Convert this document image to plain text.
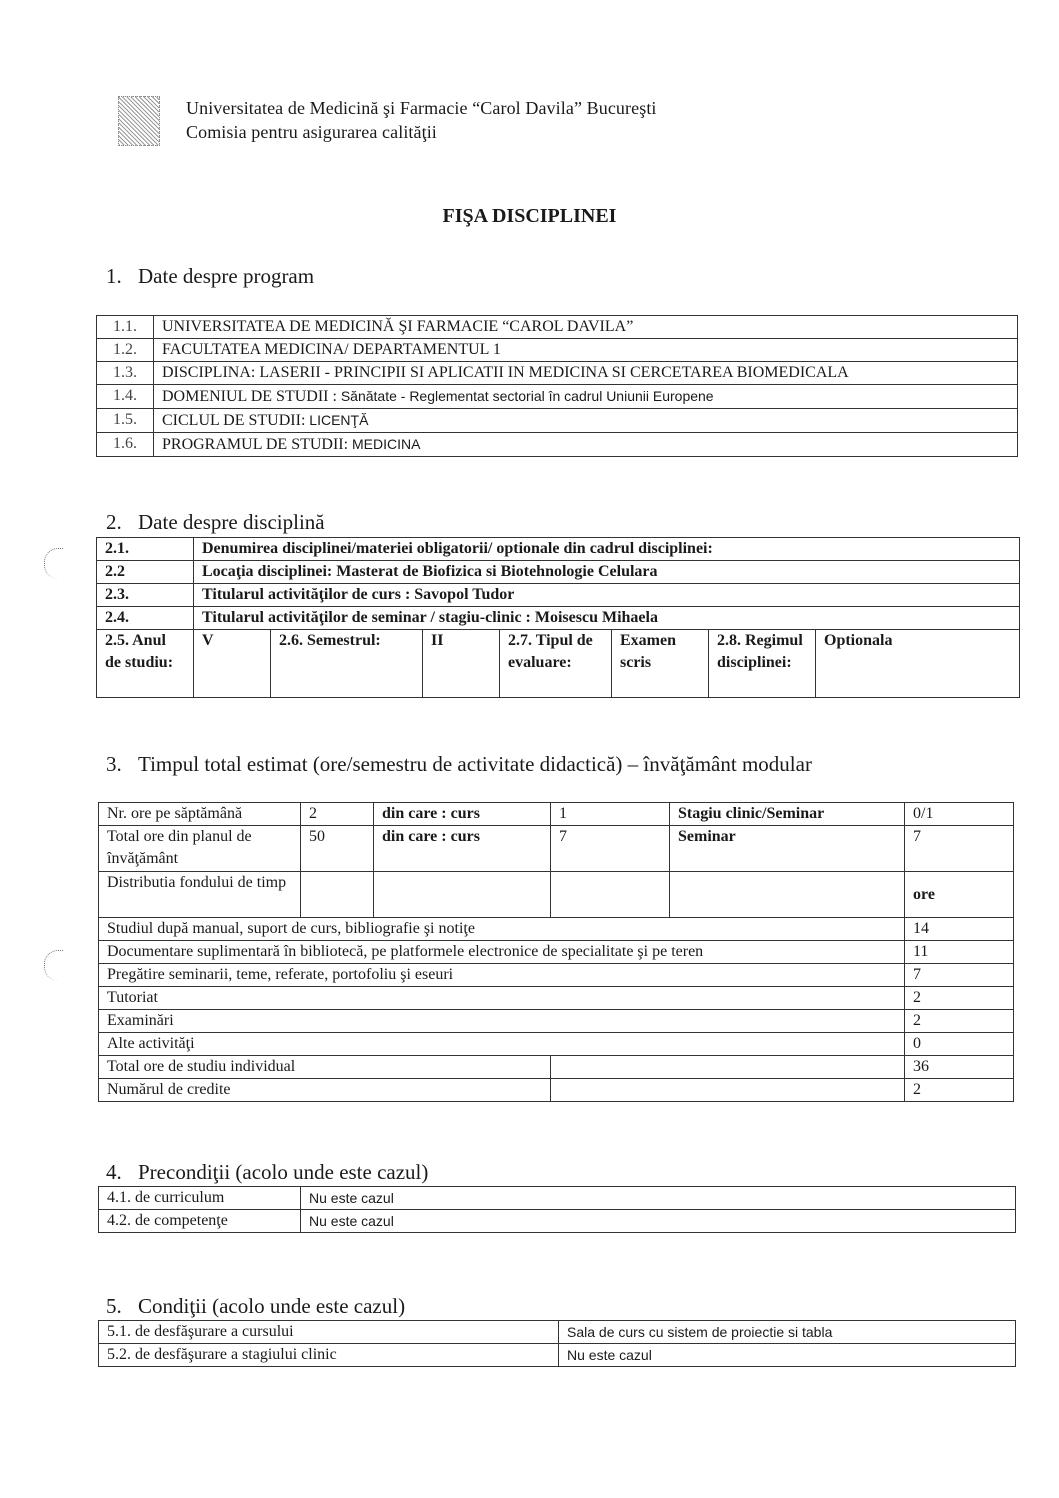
Universitatea de Medicină şi Farmacie “Carol Davila” Bucureşti
Comisia pentru asigurarea calităţii
FIŞA DISCIPLINEI
1. Date despre program
1.1.	UNIVERSITATEA DE MEDICINĂ ŞI FARMACIE “CAROL DAVILA”
1.2.	FACULTATEA MEDICINA/ DEPARTAMENTUL 1
1.3.	DISCIPLINA: LASERII - PRINCIPII SI APLICATII IN MEDICINA SI CERCETAREA BIOMEDICALA
1.4.	DOMENIUL DE STUDII : Sănătate - Reglementat sectorial în cadrul Uniunii Europene
1.5.	CICLUL DE STUDII: LICENŢĂ
1.6.	PROGRAMUL DE STUDII: MEDICINA
2. Date despre disciplină
2.1.	Denumirea disciplinei/materiei obligatorii/ optionale din cadrul disciplinei:						
2.2	Locaţia disciplinei: Masterat de Biofizica si Biotehnologie Celulara						
2.3.	Titularul activităţilor de curs : Savopol Tudor						
2.4.	Titularul activităţilor de seminar / stagiu-clinic : Moisescu Mihaela						
2.5. Anul de studiu:	V	2.6. Semestrul:	II	2.7. Tipul de evaluare:	Examen scris	2.8. Regimul disciplinei:	Optionala
3. Timpul total estimat (ore/semestru de activitate didactică) – învăţământ modular
Nr. ore pe săptămână	2	din care : curs	1	Stagiu clinic/Seminar	0/1
Total ore din planul de învăţământ	50	din care : curs	7	Seminar	7
Distributia fondului de timp					ore
Studiul după manual, suport de curs, bibliografie şi notiţe					14
Documentare suplimentară în bibliotecă, pe platformele electronice de specialitate şi pe teren					11
Pregătire seminarii, teme, referate, portofoliu şi eseuri					7
Tutoriat					2
Examinări					2
Alte activităţi					0
Total ore de studiu individual					36
Numărul de credite					2
4. Precondiţii (acolo unde este cazul)
4.1. de curriculum	Nu este cazul
4.2. de competenţe	Nu este cazul
5. Condiţii (acolo unde este cazul)
5.1. de desfăşurare a cursului	Sala de curs cu sistem de proiectie si tabla
5.2. de desfăşurare a stagiului clinic	Nu este cazul
